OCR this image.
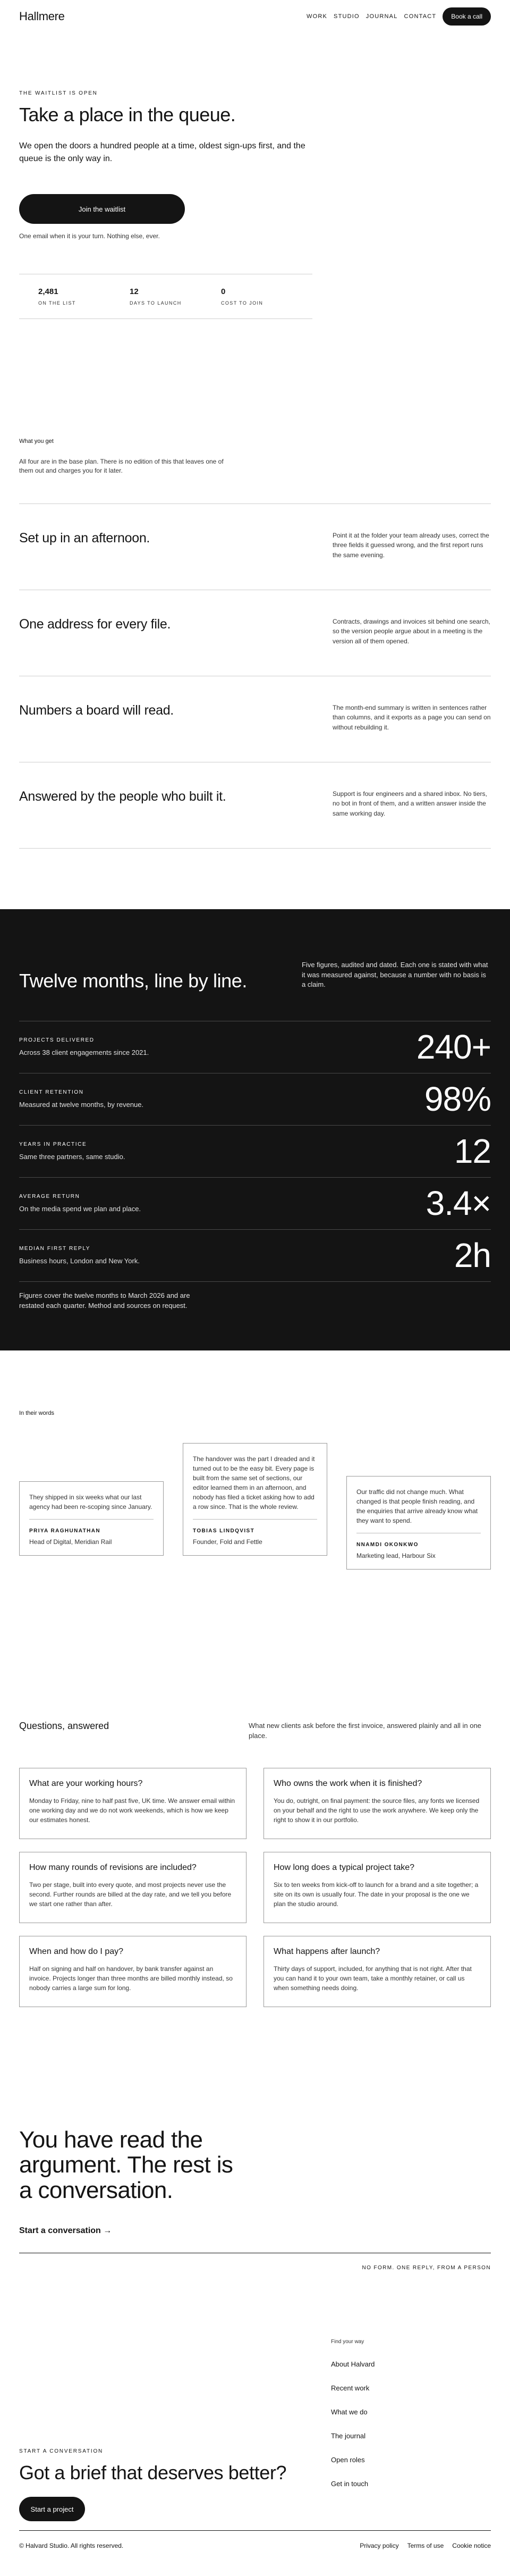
Hallmere	WORK STUDIO JOURNAL CONTACT	Book a call
THE WAITLIST IS OPEN
Take a place in the queue.

We open the doors a hundred people at a time, oldest sign-ups first, and the queue is the only way in.

Join the waitlist

One email when it is your turn. Nothing else, ever.

2,481
ON THE LIST
12
DAYS TO LAUNCH
0
COST TO JOIN
What you get

All four are in the base plan. There is no edition of this that leaves one of them out and charges you for it later.

Set up in an afternoon.	Point it at the folder your team already uses, correct the three fields it guessed wrong, and the first report runs the same evening.

One address for every file.	Contracts, drawings and invoices sit behind one search, so the version people argue about in a meeting is the version all of them opened.

Numbers a board will read.	The month-end summary is written in sentences rather than columns, and it exports as a page you can send on without rebuilding it.

Answered by the people who built it.	Support is four engineers and a shared inbox. No tiers, no bot in front of them, and a written answer inside the same working day.

Twelve months, line by line.

Five figures, audited and dated. Each one is stated with what it was measured against, because a number with no basis is a claim.

PROJECTS DELIVERED
Across 38 client engagements since 2021.	240+
CLIENT RETENTION
Measured at twelve months, by revenue.	98%
YEARS IN PRACTICE
Same three partners, same studio.	12
AVERAGE RETURN
On the media spend we plan and place.	3.4×
MEDIAN FIRST REPLY
Business hours, London and New York.	2h

Figures cover the twelve months to March 2026 and are restated each quarter. Method and sources on request.

In their words

They shipped in six weeks what our last agency had been re-scoping since January.

PRIYA RAGHUNATHAN
Head of Digital, Meridian Rail

The handover was the part I dreaded and it turned out to be the easy bit. Every page is built from the same set of sections, our editor learned them in an afternoon, and nobody has filed a ticket asking how to add a row since. That is the whole review.

TOBIAS LINDQVIST
Founder, Fold and Fettle

Our traffic did not change much. What changed is that people finish reading, and the enquiries that arrive already know what they want to spend.

NNAMDI OKONKWO
Marketing lead, Harbour Six
Questions, answered	What new clients ask before the first invoice, answered plainly and all in one place.

What are your working hours?

Monday to Friday, nine to half past five, UK time. We answer email within one working day and we do not work weekends, which is how we keep our estimates honest.

Who owns the work when it is finished?

You do, outright, on final payment: the source files, any fonts we licensed on your behalf and the right to use the work anywhere. We keep only the right to show it in our portfolio.

How many rounds of revisions are included?

Two per stage, built into every quote, and most projects never use the second. Further rounds are billed at the day rate, and we tell you before we start one rather than after.

How long does a typical project take?

Six to ten weeks from kick-off to launch for a brand and a site together; a site on its own is usually four. The date in your proposal is the one we plan the studio around.

When and how do I pay?

Half on signing and half on handover, by bank transfer against an invoice. Projects longer than three months are billed monthly instead, so nobody carries a large sum for long.

What happens after launch?

Thirty days of support, included, for anything that is not right. After that you can hand it to your own team, take a monthly retainer, or call us when something needs doing.

You have read the argument. The rest is a conversation.
Start a conversation →
NO FORM. ONE REPLY, FROM A PERSON
Find your way
About Halvard
Recent work
What we do
The journal
Open roles
Get in touch
START A CONVERSATION
Got a brief that deserves better?
Start a project
© Halvard Studio. All rights reserved.	Privacy policy Terms of use Cookie notice
